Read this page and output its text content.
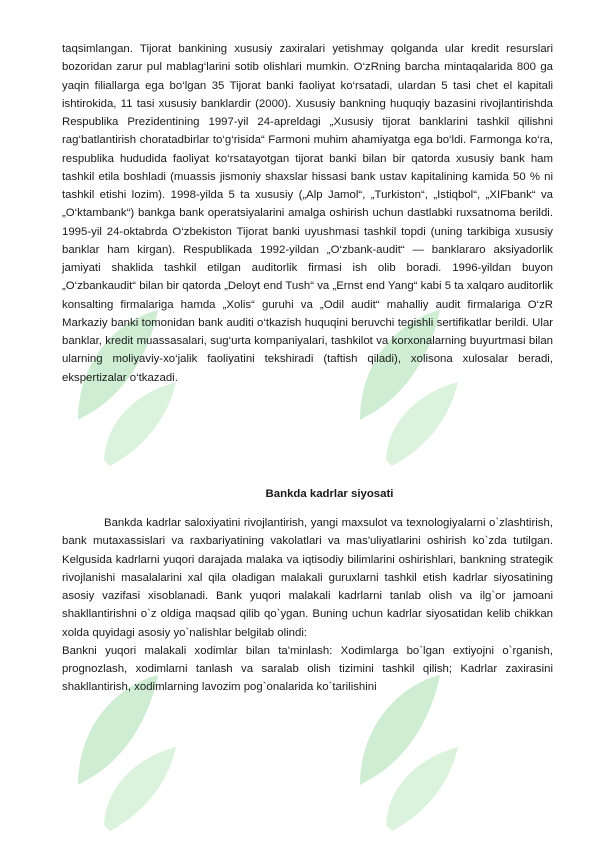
taqsimlangan. Tijorat bankining xususiy zaxiralari yetishmay qolganda ular kredit resurslari bozoridan zarur pul mablag‘larini sotib olishlari mumkin. O‘zRning barcha mintaqalarida 800 ga yaqin filiallarga ega bo‘lgan 35 Tijorat banki faoliyat ko‘rsatadi, ulardan 5 tasi chet el kapitali ishtirokida, 11 tasi xususiy banklardir (2000). Xususiy bankning huquqiy bazasini rivojlantirishda Respublika Prezidentining 1997-yil 24-apreldagi „Xususiy tijorat banklarini tashkil qilishni rag‘batlantirish choratadbirlar to‘g‘risida“ Farmoni muhim ahamiyatga ega bo‘ldi. Farmonga ko‘ra, respublika hududida faoliyat ko‘rsatayotgan tijorat banki bilan bir qatorda xususiy bank ham tashkil etila boshladi (muassis jismoniy shaxslar hissasi bank ustav kapitalining kamida 50 % ni tashkil etishi lozim). 1998-yilda 5 ta xususiy („Alp Jamol“, „Turkiston“, „Istiqbol“, „XIFbank“ va „O‘ktambank“) bankga bank operatsiyalarini amalga oshirish uchun dastlabki ruxsatnoma berildi. 1995-yil 24-oktabrda O‘zbekiston Tijorat banki uyushmasi tashkil topdi (uning tarkibiga xususiy banklar ham kirgan). Respublikada 1992-yildan „O‘zbank-audit“ — banklararo aksiyadorlik jamiyati shaklida tashkil etilgan auditorlik firmasi ish olib boradi. 1996-yildan buyon „O‘zbankaudit“ bilan bir qatorda „Deloyt end Tush“ va „Ernst end Yang“ kabi 5 ta xalqaro auditorlik konsalting firmalariga hamda „Xolis“ guruhi va „Odil audit“ mahalliy audit firmalariga O‘zR Markaziy banki tomonidan bank auditi o‘tkazish huquqini beruvchi tegishli sertifikatlar berildi. Ular banklar, kredit muassasalari, sug‘urta kompaniyalari, tashkilot va korxonalarning buyurtmasi bilan ularning moliyaviy-xo‘jalik faoliyatini tekshiradi (taftish qiladi), xolisona xulosalar beradi, ekspertizalar o‘tkazadi.

Bankda kadrlar siyosati

Bankda kadrlar saloxiyatini rivojlantirish, yangi maxsulot va texnologiyalarni o`zlashtirish, bank mutaxassislari va raxbariyatining vakolatlari va mas'uliyatlarini oshirish ko`zda tutilgan. Kelgusida kadrlarni yuqori darajada malaka va iqtisodiy bilimlarini oshirishlari, bankning strategik rivojlanishi masalalarini xal qila oladigan malakali guruxlarni tashkil etish kadrlar siyosatining asosiy vazifasi xisoblanadi. Bank yuqori malakali kadrlarni tanlab olish va ilg`or jamoani shakllantirishni o`z oldiga maqsad qilib qo`ygan. Buning uchun kadrlar siyosatidan kelib chikkan xolda quyidagi asosiy yo`nalishlar belgilab olindi:

Bankni yuqori malakali xodimlar bilan ta'minlash: Xodimlarga bo`lgan extiyojni o`rganish, prognozlash, xodimlarni tanlash va saralab olish tizimini tashkil qilish; Kadrlar zaxirasini shakllantirish, xodimlarning lavozim pog`onalarida ko`tarilishini
